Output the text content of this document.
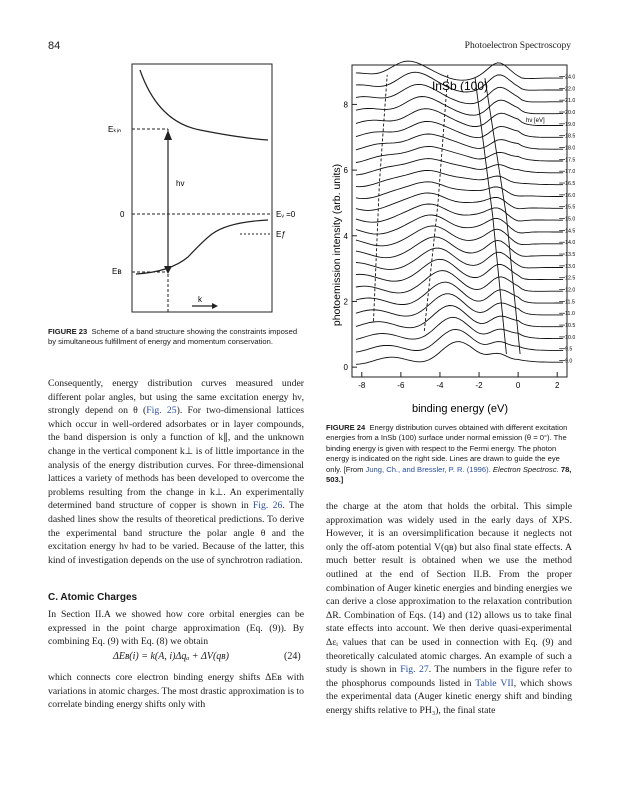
84	Photoelectron Spectroscopy
Eₖᵢₙ
hv
0	Eᵥ =0
Eƒ
Eʙ
k
FIGURE 23 Scheme of a band structure showing the constraints imposed by simultaneous fulfillment of energy and momentum conservation.
0
2
4
6
8
-8	-6	-4	-2	0	2
24.0
22.0
21.0
20.0
19.0
18.5
18.0
17.5
17.0
16.5
16.0
15.5
15.0
14.5
14.0
13.5
13.0
12.5
12.0
11.5
11.0
10.5
10.0
9.5
9.0
InSb (100)
hν [eV]
binding energy (eV)
photoemission intensity (arb. units)
FIGURE 24 Energy distribution curves obtained with different excitation energies from a InSb (100) surface under normal emission (θ = 0°). The binding energy is given with respect to the Fermi energy. The photon energy is indicated on the right side. Lines are drawn to guide the eye only. [From Jung, Ch., and Bressler, P. R. (1996). Electron Spectrosc. 78, 503.]

Consequently, energy distribution curves measured under different polar angles, but using the same excitation energy hν, strongly depend on θ (Fig. 25). For two-dimensional lattices which occur in well-ordered adsorbates or in layer compounds, the band dispersion is only a function of k∥, and the unknown change in the vertical component k⊥ is of little importance in the analysis of the energy distribution curves. For three-dimensional lattices a variety of methods has been developed to overcome the problems resulting from the change in k⊥. An experimentally determined band structure of copper is shown in Fig. 26. The dashed lines show the results of theoretical predictions. To derive the experimental band structure the polar angle θ and the excitation energy hν had to be varied. Because of the latter, this kind of investigation depends on the use of synchrotron radiation.

C. Atomic Charges
In Section II.A we showed how core orbital energies can be expressed in the point charge approximation (Eq. (9)). By combining Eq. (9) with Eq. (8) we obtain
ΔEʙ(i) = k(A, i)Δqₐ + ΔV(qʙ)	(24)
which connects core electron binding energy shifts ΔEʙ with variations in atomic charges. The most drastic approximation is to correlate binding energy shifts only with

the charge at the atom that holds the orbital. This simple approximation was widely used in the early days of XPS. However, it is an oversimplification because it neglects not only the off-atom potential V(qʙ) but also final state effects. A much better result is obtained when we use the method outlined at the end of Section II.B. From the proper combination of Auger kinetic energies and binding energies we can derive a close approximation to the relaxation contribution ΔR. Combination of Eqs. (14) and (12) allows us to take final state effects into account. We then derive quasi-experimental Δεᵢ values that can be used in connection with Eq. (9) and theoretically calculated atomic charges. An example of such a study is shown in Fig. 27. The numbers in the figure refer to the phosphorus compounds listed in Table VII, which shows the experimental data (Auger kinetic energy shift and binding energy shifts relative to PH₃), the final state
